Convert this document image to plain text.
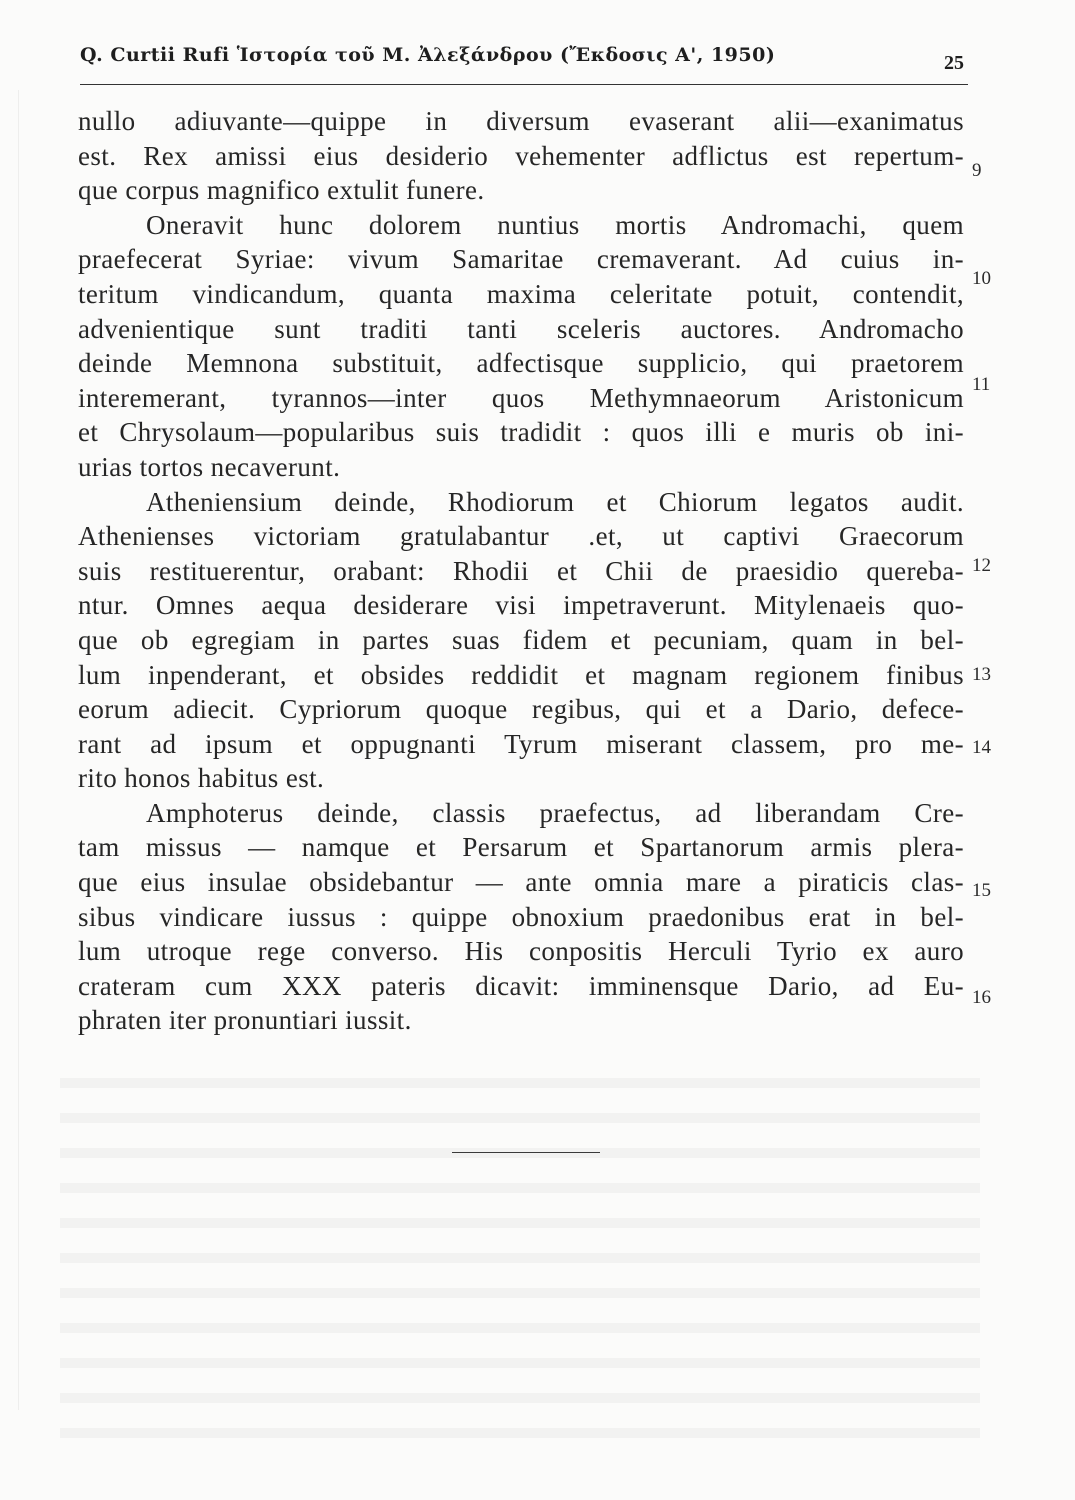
Q. Curtii Rufi Ἱστορία τοῦ Μ. Ἀλεξάνδρου (Ἔκδοσις Α', 1950)	25
nullo adiuvante—quippe in diversum evaserant alii—exanimatus
est. Rex amissi eius desiderio vehementer adflictus est repertum-
que corpus magnifico extulit funere.
Oneravit hunc dolorem nuntius mortis Andromachi, quem
praefecerat Syriae: vivum Samaritae cremaverant. Ad cuius in-
teritum vindicandum, quanta maxima celeritate potuit, contendit,
advenientique sunt traditi tanti sceleris auctores. Andromacho
deinde Memnona substituit, adfectisque supplicio, qui praetorem
interemerant, tyrannos—inter quos Methymnaeorum Aristonicum
et Chrysolaum—popularibus suis tradidit : quos illi e muris ob ini-
urias tortos necaverunt.
Atheniensium deinde, Rhodiorum et Chiorum legatos audit.
Athenienses victoriam gratulabantur .et, ut captivi Graecorum
suis restituerentur, orabant: Rhodii et Chii de praesidio quereba-
ntur. Omnes aequa desiderare visi impetraverunt. Mitylenaeis quo-
que ob egregiam in partes suas fidem et pecuniam, quam in bel-
lum inpenderant, et obsides reddidit et magnam regionem finibus
eorum adiecit. Cypriorum quoque regibus, qui et a Dario, defece-
rant ad ipsum et oppugnanti Tyrum miserant classem, pro me-
rito honos habitus est.
Amphoterus deinde, classis praefectus, ad liberandam Cre-
tam missus — namque et Persarum et Spartanorum armis plera-
que eius insulae obsidebantur — ante omnia mare a piraticis clas-
sibus vindicare iussus : quippe obnoxium praedonibus erat in bel-
lum utroque rege converso. His conpositis Herculi Tyrio ex auro
crateram cum XXX pateris dicavit: imminensque Dario, ad Eu-
phraten iter pronuntiari iussit.
9
10
11
12
13
14
15
16
